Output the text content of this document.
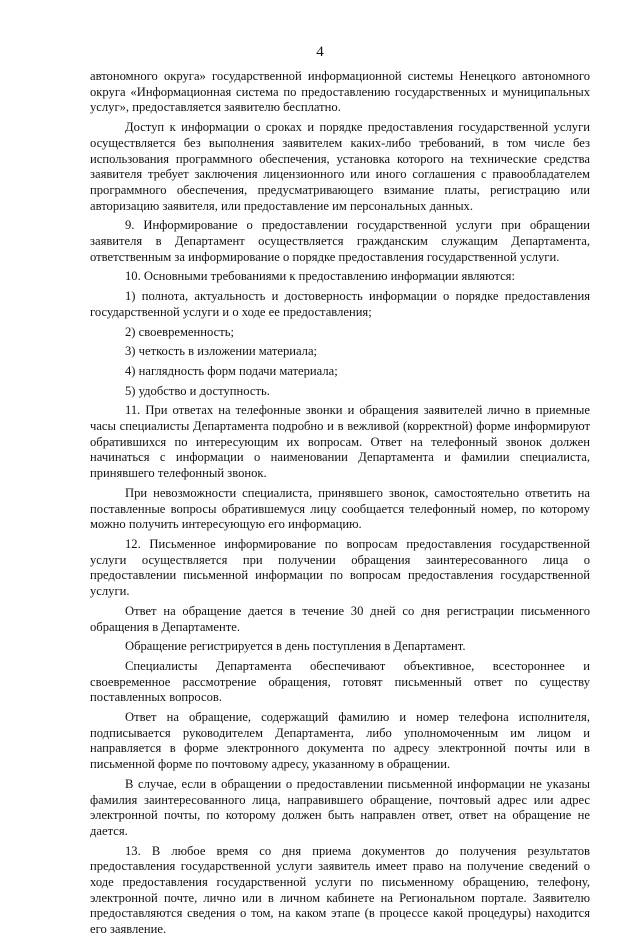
4

автономного округа» государственной информационной системы Ненецкого автономного округа «Информационная система по предоставлению государственных и муниципальных услуг», предоставляется заявителю бесплатно.

Доступ к информации о сроках и порядке предоставления государственной услуги осуществляется без выполнения заявителем каких-либо требований, в том числе без использования программного обеспечения, установка которого на технические средства заявителя требует заключения лицензионного или иного соглашения с правообладателем программного обеспечения, предусматривающего взимание платы, регистрацию или авторизацию заявителя, или предоставление им персональных данных.

9. Информирование о предоставлении государственной услуги при обращении заявителя в Департамент осуществляется гражданским служащим Департамента, ответственным за информирование о порядке предоставления государственной услуги.

10. Основными требованиями к предоставлению информации являются:

1) полнота, актуальность и достоверность информации о порядке предоставления государственной услуги и о ходе ее предоставления;

2) своевременность;

3) четкость в изложении материала;

4) наглядность форм подачи материала;

5) удобство и доступность.

11. При ответах на телефонные звонки и обращения заявителей лично в приемные часы специалисты Департамента подробно и в вежливой (корректной) форме информируют обратившихся по интересующим их вопросам. Ответ на телефонный звонок должен начинаться с информации о наименовании Департамента и фамилии специалиста, принявшего телефонный звонок.

При невозможности специалиста, принявшего звонок, самостоятельно ответить на поставленные вопросы обратившемуся лицу сообщается телефонный номер, по которому можно получить интересующую его информацию.

12. Письменное информирование по вопросам предоставления государственной услуги осуществляется при получении обращения заинтересованного лица о предоставлении письменной информации по вопросам предоставления государственной услуги.

Ответ на обращение дается в течение 30 дней со дня регистрации письменного обращения в Департаменте.

Обращение регистрируется в день поступления в Департамент.

Специалисты Департамента обеспечивают объективное, всестороннее и своевременное рассмотрение обращения, готовят письменный ответ по существу поставленных вопросов.

Ответ на обращение, содержащий фамилию и номер телефона исполнителя, подписывается руководителем Департамента, либо уполномоченным им лицом и направляется в форме электронного документа по адресу электронной почты или в письменной форме по почтовому адресу, указанному в обращении.

В случае, если в обращении о предоставлении письменной информации не указаны фамилия заинтересованного лица, направившего обращение, почтовый адрес или адрес электронной почты, по которому должен быть направлен ответ, ответ на обращение не дается.

13. В любое время со дня приема документов до получения результатов предоставления государственной услуги заявитель имеет право на получение сведений о ходе предоставления государственной услуги по письменному обращению, телефону, электронной почте, лично или в личном кабинете на Региональном портале. Заявителю предоставляются сведения о том, на каком этапе (в процессе какой процедуры) находится его заявление.
